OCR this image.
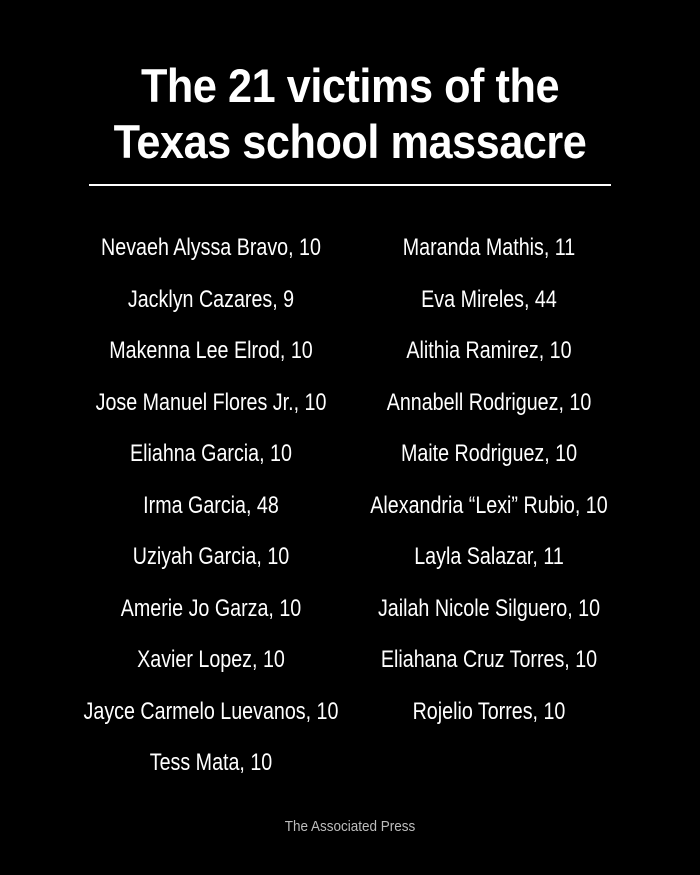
The 21 victims of the
Texas school massacre
Nevaeh Alyssa Bravo, 10
Jacklyn Cazares, 9
Makenna Lee Elrod, 10
Jose Manuel Flores Jr., 10
Eliahna Garcia, 10
Irma Garcia, 48
Uziyah Garcia, 10
Amerie Jo Garza, 10
Xavier Lopez, 10
Jayce Carmelo Luevanos, 10
Tess Mata, 10
Maranda Mathis, 11
Eva Mireles, 44
Alithia Ramirez, 10
Annabell Rodriguez, 10
Maite Rodriguez, 10
Alexandria “Lexi” Rubio, 10
Layla Salazar, 11
Jailah Nicole Silguero, 10
Eliahana Cruz Torres, 10
Rojelio Torres, 10
The Associated Press
